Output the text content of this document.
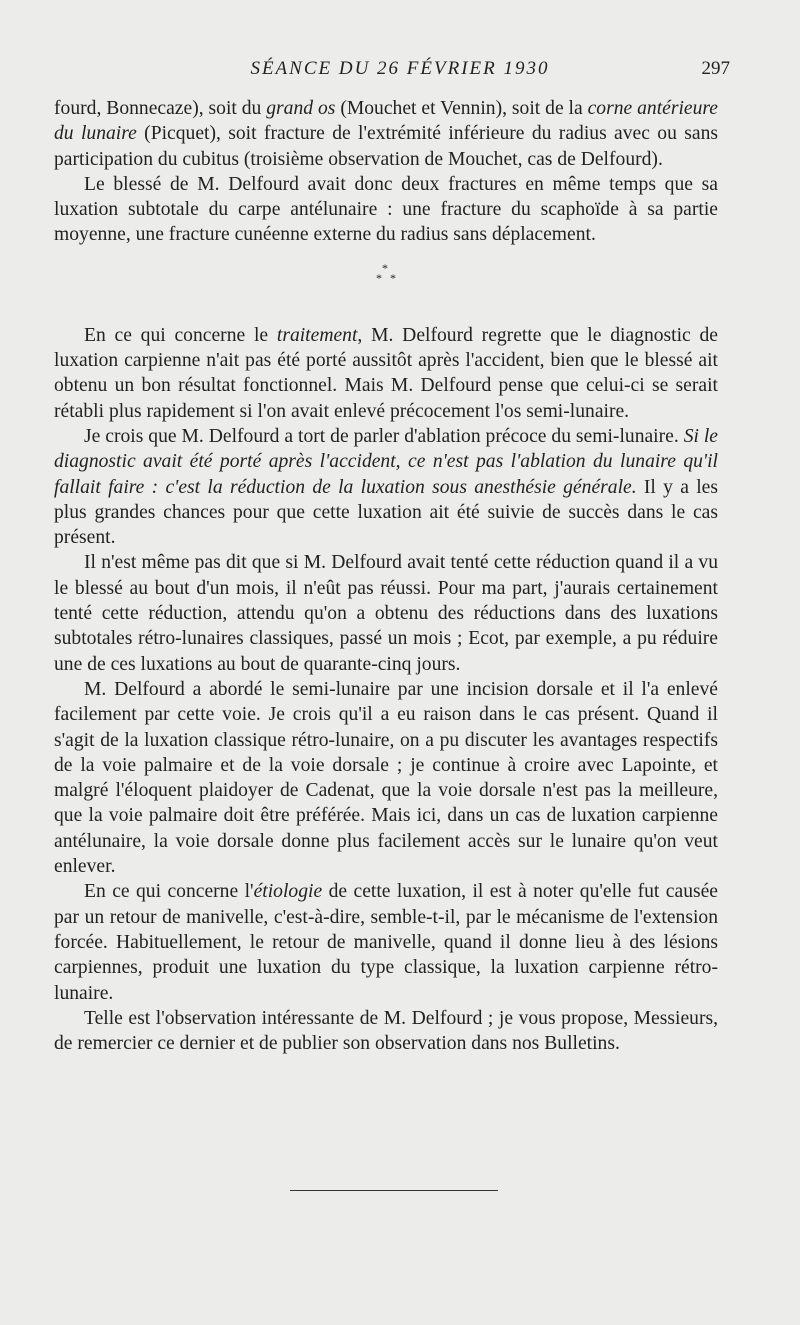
SÉANCE DU 26 FÉVRIER 1930	297

fourd, Bonnecaze), soit du grand os (Mouchet et Vennin), soit de la corne antérieure du lunaire (Picquet), soit fracture de l'extrémité inférieure du radius avec ou sans participation du cubitus (troisième observation de Mouchet, cas de Delfourd).

Le blessé de M. Delfourd avait donc deux fractures en même temps que sa luxation subtotale du carpe antélunaire : une fracture du scaphoïde à sa partie moyenne, une fracture cunéenne externe du radius sans déplacement.

*
* *

En ce qui concerne le traitement, M. Delfourd regrette que le diagnostic de luxation carpienne n'ait pas été porté aussitôt après l'accident, bien que le blessé ait obtenu un bon résultat fonctionnel. Mais M. Delfourd pense que celui-ci se serait rétabli plus rapidement si l'on avait enlevé précocement l'os semi-lunaire.

Je crois que M. Delfourd a tort de parler d'ablation précoce du semi-lunaire. Si le diagnostic avait été porté après l'accident, ce n'est pas l'ablation du lunaire qu'il fallait faire : c'est la réduction de la luxation sous anesthésie générale. Il y a les plus grandes chances pour que cette luxation ait été suivie de succès dans le cas présent.

Il n'est même pas dit que si M. Delfourd avait tenté cette réduction quand il a vu le blessé au bout d'un mois, il n'eût pas réussi. Pour ma part, j'aurais certainement tenté cette réduction, attendu qu'on a obtenu des réductions dans des luxations subtotales rétro-lunaires classiques, passé un mois ; Ecot, par exemple, a pu réduire une de ces luxations au bout de quarante-cinq jours.

M. Delfourd a abordé le semi-lunaire par une incision dorsale et il l'a enlevé facilement par cette voie. Je crois qu'il a eu raison dans le cas présent. Quand il s'agit de la luxation classique rétro-lunaire, on a pu discuter les avantages respectifs de la voie palmaire et de la voie dorsale ; je continue à croire avec Lapointe, et malgré l'éloquent plaidoyer de Cadenat, que la voie dorsale n'est pas la meilleure, que la voie palmaire doit être préférée. Mais ici, dans un cas de luxation carpienne antélunaire, la voie dorsale donne plus facilement accès sur le lunaire qu'on veut enlever.

En ce qui concerne l'étiologie de cette luxation, il est à noter qu'elle fut causée par un retour de manivelle, c'est-à-dire, semble-t-il, par le mécanisme de l'extension forcée. Habituellement, le retour de manivelle, quand il donne lieu à des lésions carpiennes, produit une luxation du type classique, la luxation carpienne rétro-lunaire.

Telle est l'observation intéressante de M. Delfourd ; je vous propose, Messieurs, de remercier ce dernier et de publier son observation dans nos Bulletins.
